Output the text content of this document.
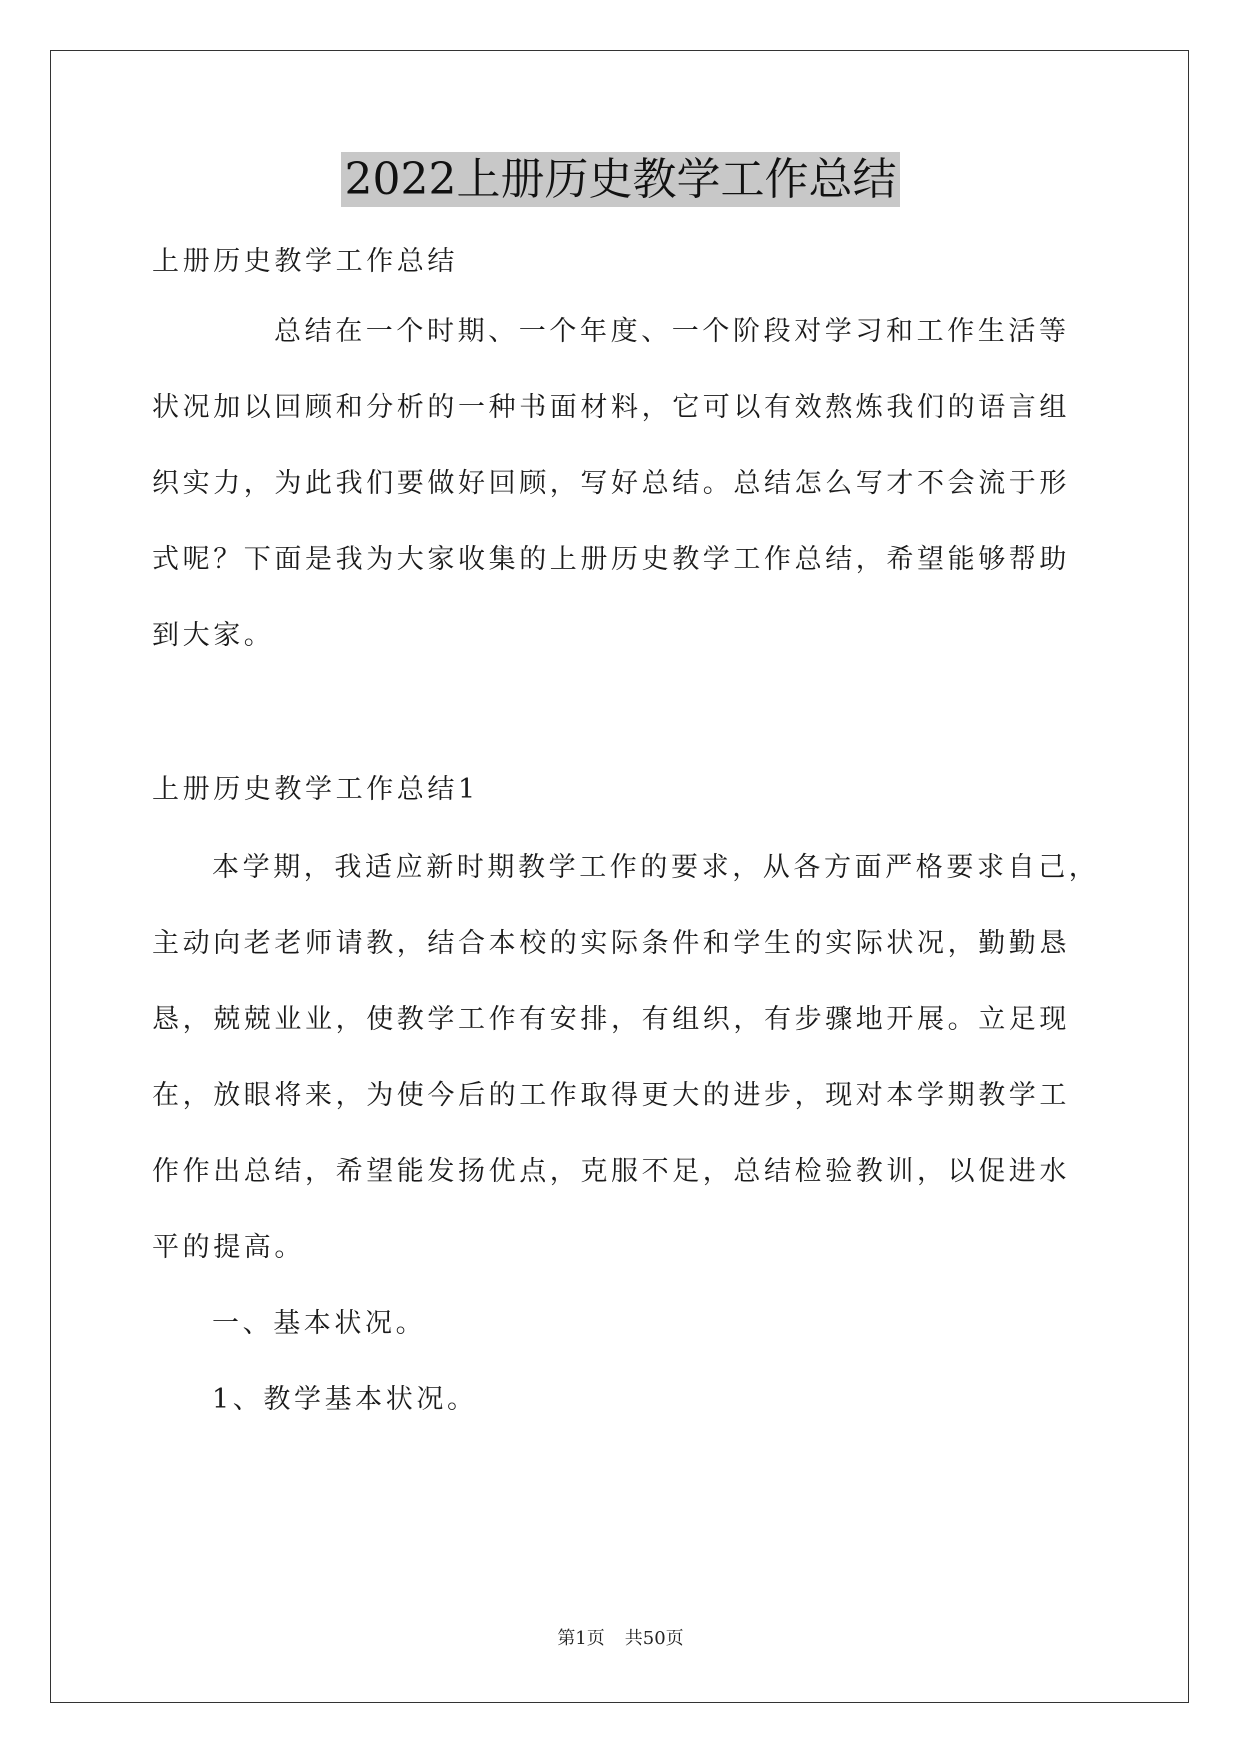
2022上册历史教学工作总结
上册历史教学工作总结
总结在一个时期、一个年度、一个阶段对学习和工作生活等
状况加以回顾和分析的一种书面材料，它可以有效熬炼我们的语言组
织实力，为此我们要做好回顾，写好总结。总结怎么写才不会流于形
式呢？下面是我为大家收集的上册历史教学工作总结，希望能够帮助
到大家。
上册历史教学工作总结1
本学期，我适应新时期教学工作的要求，从各方面严格要求自己，
主动向老老师请教，结合本校的实际条件和学生的实际状况，勤勤恳
恳，兢兢业业，使教学工作有安排，有组织，有步骤地开展。立足现
在，放眼将来，为使今后的工作取得更大的进步，现对本学期教学工
作作出总结，希望能发扬优点，克服不足，总结检验教训，以促进水
平的提高。
一、基本状况。
1、教学基本状况。
第1页 共50页
